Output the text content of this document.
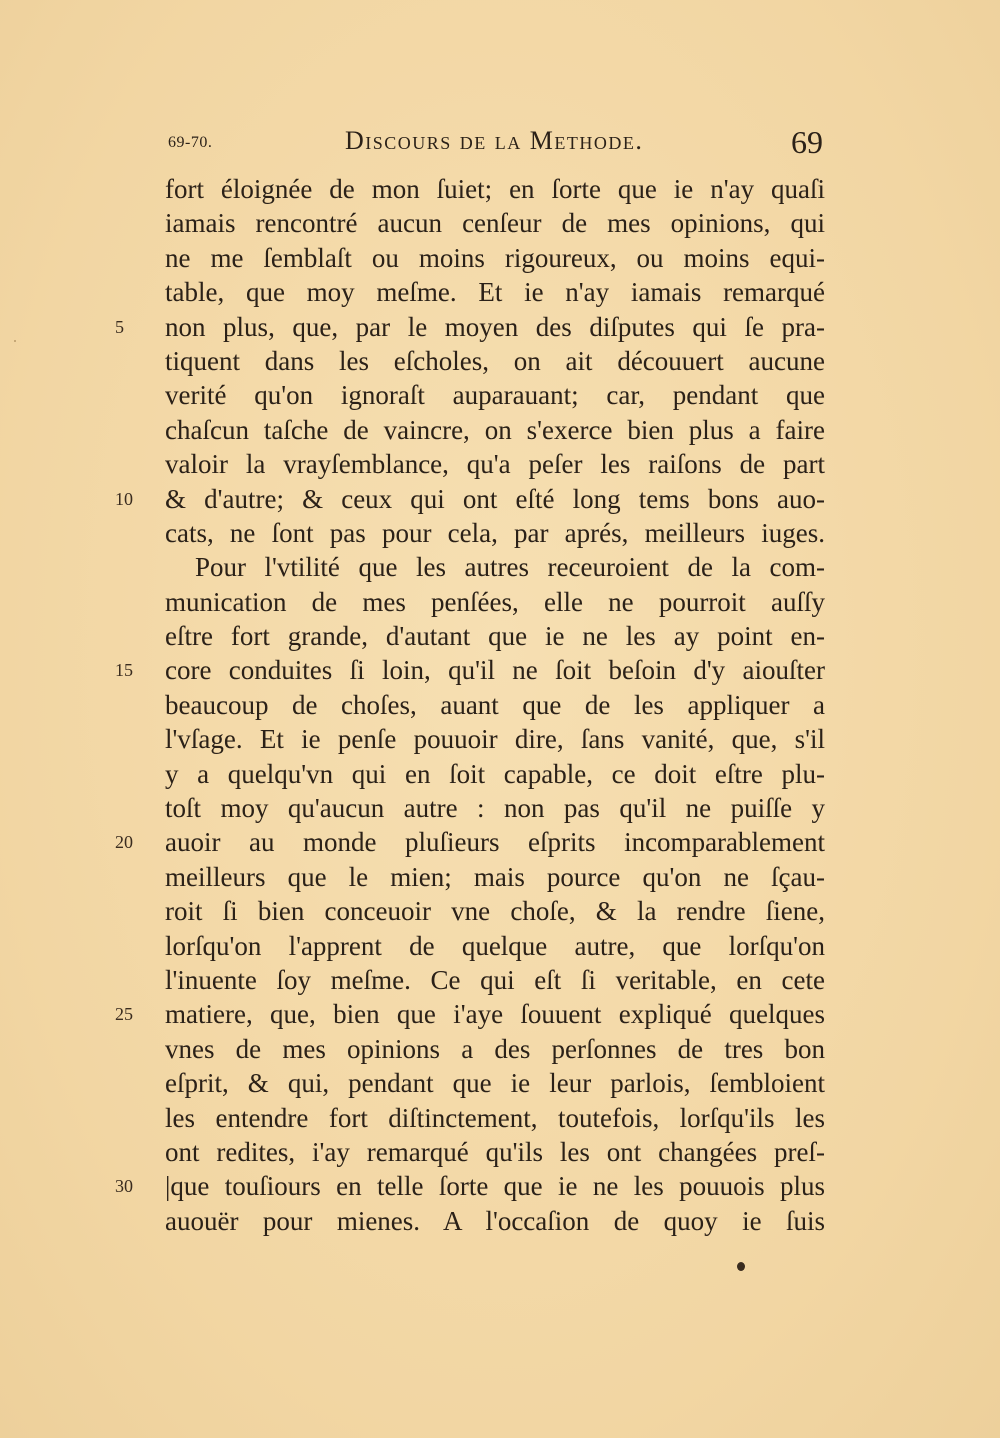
69-70.	Discours de la Methode.	69
fort éloignée de mon ſuiet; en ſorte que ie n'ay quaſi
iamais rencontré aucun cenſeur de mes opinions, qui
ne me ſemblaſt ou moins rigoureux, ou moins equi-
table, que moy meſme. Et ie n'ay iamais remarqué
5	non plus, que, par le moyen des diſputes qui ſe pra-
tiquent dans les eſcholes, on ait découuert aucune
verité qu'on ignoraſt auparauant; car, pendant que
chaſcun taſche de vaincre, on s'exerce bien plus a faire
valoir la vrayſemblance, qu'a peſer les raiſons de part
10	& d'autre; & ceux qui ont eſté long tems bons auo-
cats, ne ſont pas pour cela, par aprés, meilleurs iuges.
Pour l'vtilité que les autres receuroient de la com-
munication de mes penſées, elle ne pourroit auſſy
eſtre fort grande, d'autant que ie ne les ay point en-
15	core conduites ſi loin, qu'il ne ſoit beſoin d'y aiouſter
beaucoup de choſes, auant que de les appliquer a
l'vſage. Et ie penſe pouuoir dire, ſans vanité, que, s'il
y a quelqu'vn qui en ſoit capable, ce doit eſtre plu-
toſt moy qu'aucun autre : non pas qu'il ne puiſſe y
20	auoir au monde pluſieurs eſprits incomparablement
meilleurs que le mien; mais pource qu'on ne ſçau-
roit ſi bien conceuoir vne choſe, & la rendre ſiene,
lorſqu'on l'apprent de quelque autre, que lorſqu'on
l'inuente ſoy meſme. Ce qui eſt ſi veritable, en cete
25	matiere, que, bien que i'aye ſouuent expliqué quelques
vnes de mes opinions a des perſonnes de tres bon
eſprit, & qui, pendant que ie leur parlois, ſembloient
les entendre fort diſtinctement, toutefois, lorſqu'ils les
ont redites, i'ay remarqué qu'ils les ont changées preſ-
30	|que touſiours en telle ſorte que ie ne les pouuois plus
auouër pour mienes. A l'occaſion de quoy ie ſuis
